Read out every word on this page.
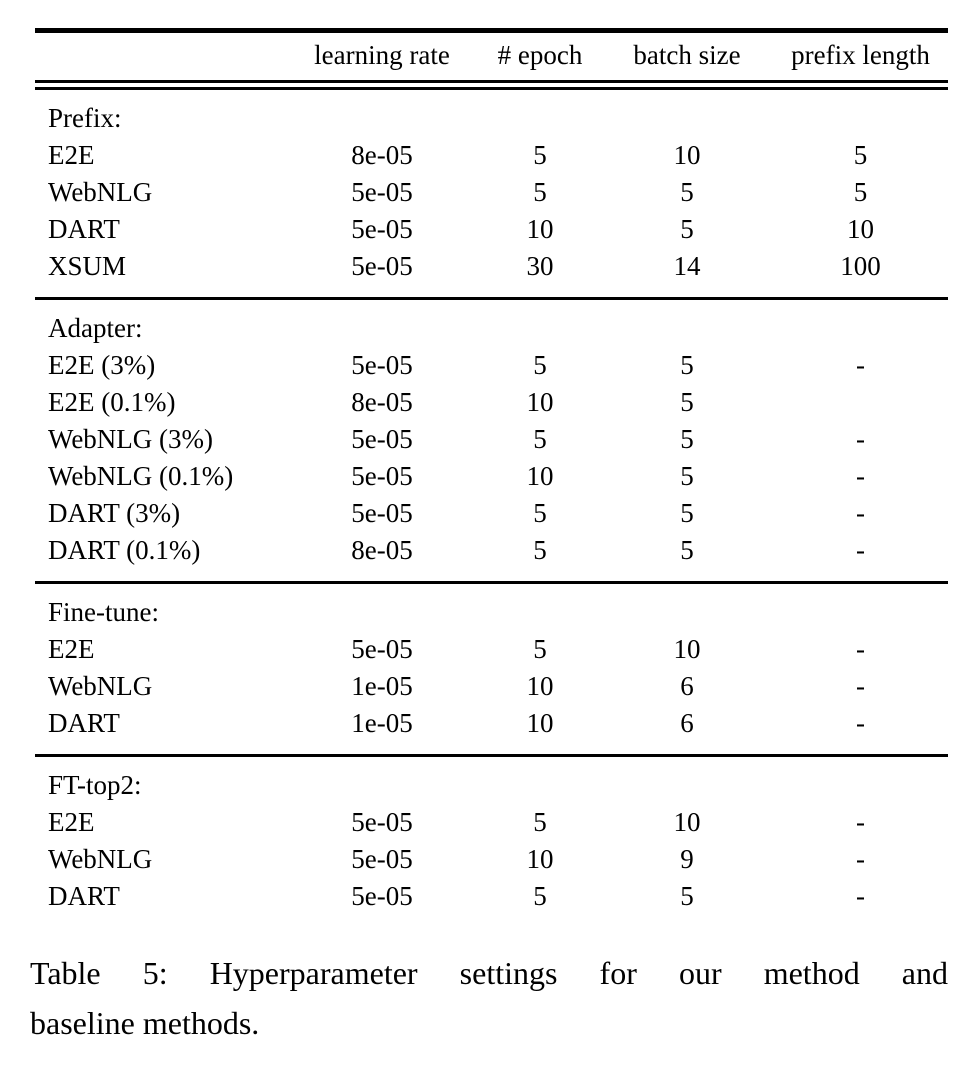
	learning rate	# epoch	batch size	prefix length
Prefix:				
E2E	8e-05	5	10	5
WebNLG	5e-05	5	5	5
DART	5e-05	10	5	10
XSUM	5e-05	30	14	100
Adapter:				
E2E (3%)	5e-05	5	5	-
E2E (0.1%)	8e-05	10	5	
WebNLG (3%)	5e-05	5	5	-
WebNLG (0.1%)	5e-05	10	5	-
DART (3%)	5e-05	5	5	-
DART (0.1%)	8e-05	5	5	-
Fine-tune:				
E2E	5e-05	5	10	-
WebNLG	1e-05	10	6	-
DART	1e-05	10	6	-
FT-top2:				
E2E	5e-05	5	10	-
WebNLG	5e-05	10	9	-
DART	5e-05	5	5	-
Table 5: Hyperparameter settings for our method and
baseline methods.
